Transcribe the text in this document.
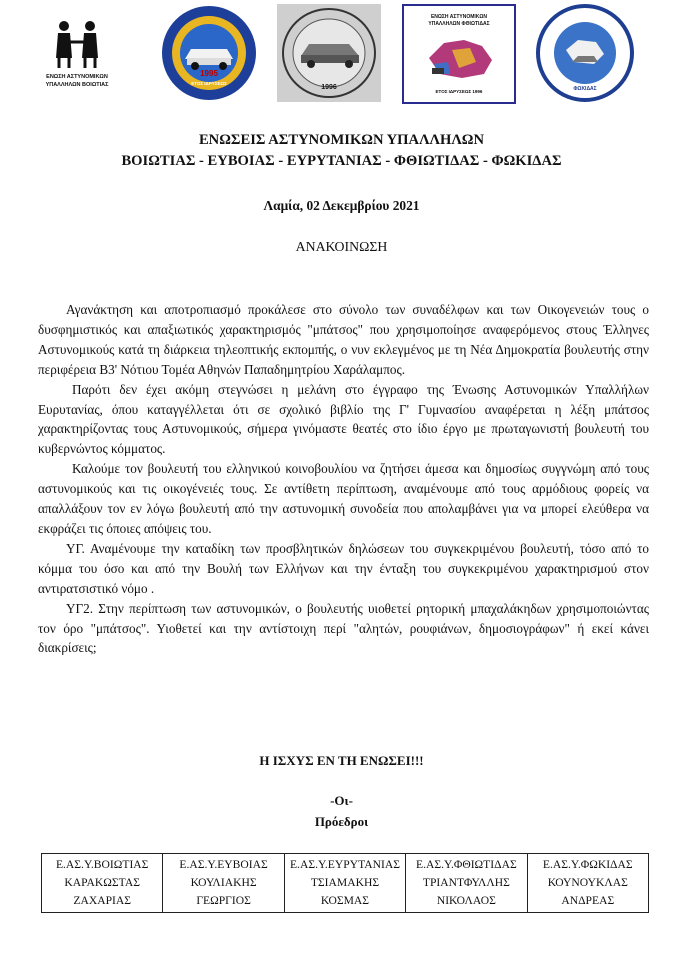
ΕΝΩΣΗ ΑΣΤΥΝΟΜΙΚΩΝ
ΥΠΑΛΛΗΛΩΝ ΒΟΙΩΤΙΑΣ
1995
ΕΤΟΣ ΙΔΡΥΣΕΩΣ
1996
ΕΝΩΣΗ ΑΣΤΥΝΟΜΙΚΩΝ
ΥΠΑΛΛΗΛΩΝ ΦΘΙΩΤΙΔΑΣ
ΕΤΟΣ ΙΔΡΥΣΕΩΣ 1996	ΦΩΚΙΔΑΣ
ΕΝΩΣΕΙΣ ΑΣΤΥΝΟΜΙΚΩΝ ΥΠΑΛΛΗΛΩΝ
ΒΟΙΩΤΙΑΣ - ΕΥΒΟΙΑΣ - ΕΥΡΥΤΑΝΙΑΣ - ΦΘΙΩΤΙΔΑΣ - ΦΩΚΙΔΑΣ
Λαμία, 02 Δεκεμβρίου 2021
ΑΝΑΚΟΙΝΩΣΗ

Αγανάκτηση και αποτροπιασμό προκάλεσε στο σύνολο των συναδέλφων και των Οικογενειών τους ο δυσφημιστικός και απαξιωτικός χαρακτηρισμός "μπάτσος" που χρησιμοποίησε αναφερόμενος στους Έλληνες Αστυνομικούς κατά τη διάρκεια τηλεοπτικής εκπομπής, ο νυν εκλεγμένος με τη Νέα Δημοκρατία βουλευτής στην περιφέρεια Β3' Νότιου Τομέα Αθηνών Παπαδημητρίου Χαράλαμπος.

Παρότι δεν έχει ακόμη στεγνώσει η μελάνη στο έγγραφο της Ένωσης Αστυνομικών Υπαλλήλων Ευρυτανίας, όπου καταγγέλλεται ότι σε σχολικό βιβλίο της Γ' Γυμνασίου αναφέρεται η λέξη μπάτσος χαρακτηρίζοντας τους Αστυνομικούς, σήμερα γινόμαστε θεατές στο ίδιο έργο με πρωταγωνιστή βουλευτή του κυβερνώντος κόμματος.

Καλούμε τον βουλευτή του ελληνικού κοινοβουλίου να ζητήσει άμεσα και δημοσίως συγγνώμη από τους αστυνομικούς και τις οικογένειές τους. Σε αντίθετη περίπτωση, αναμένουμε από τους αρμόδιους φορείς να απαλλάξουν τον εν λόγω βουλευτή από την αστυνομική συνοδεία που απολαμβάνει για να μπορεί ελεύθερα να εκφράζει τις όποιες απόψεις του.

ΥΓ. Αναμένουμε την καταδίκη των προσβλητικών δηλώσεων του συγκεκριμένου βουλευτή, τόσο από το κόμμα του όσο και από την Βουλή των Ελλήνων και την ένταξη του συγκεκριμένου χαρακτηρισμού στον αντιρατσιστικό νόμο .

ΥΓ2. Στην περίπτωση των αστυνομικών, ο βουλευτής υιοθετεί ρητορική μπαχαλάκηδων χρησιμοποιώντας τον όρο "μπάτσος". Υιοθετεί και την αντίστοιχη περί "αλητών, ρουφιάνων, δημοσιογράφων" ή εκεί κάνει διακρίσεις;

Η ΙΣΧΥΣ ΕΝ ΤΗ ΕΝΩΣΕΙ!!!
-Οι-
Πρόεδροι
Ε.ΑΣ.Υ.ΒΟΙΩΤΙΑΣ
ΚΑΡΑΚΩΣΤΑΣ
ΖΑΧΑΡΙΑΣ

Ε.ΑΣ.Υ.ΕΥΒΟΙΑΣ
ΚΟΥΛΙΑΚΗΣ
ΓΕΩΡΓΙΟΣ

Ε.ΑΣ.Υ.ΕΥΡΥΤΑΝΙΑΣ
ΤΣΙΑΜΑΚΗΣ
ΚΟΣΜΑΣ

Ε.ΑΣ.Υ.ΦΘΙΩΤΙΔΑΣ
ΤΡΙΑΝΤΦΥΛΛΗΣ
ΝΙΚΟΛΑΟΣ

Ε.ΑΣ.Υ.ΦΩΚΙΔΑΣ
ΚΟΥΝΟΥΚΛΑΣ
ΑΝΔΡΕΑΣ
